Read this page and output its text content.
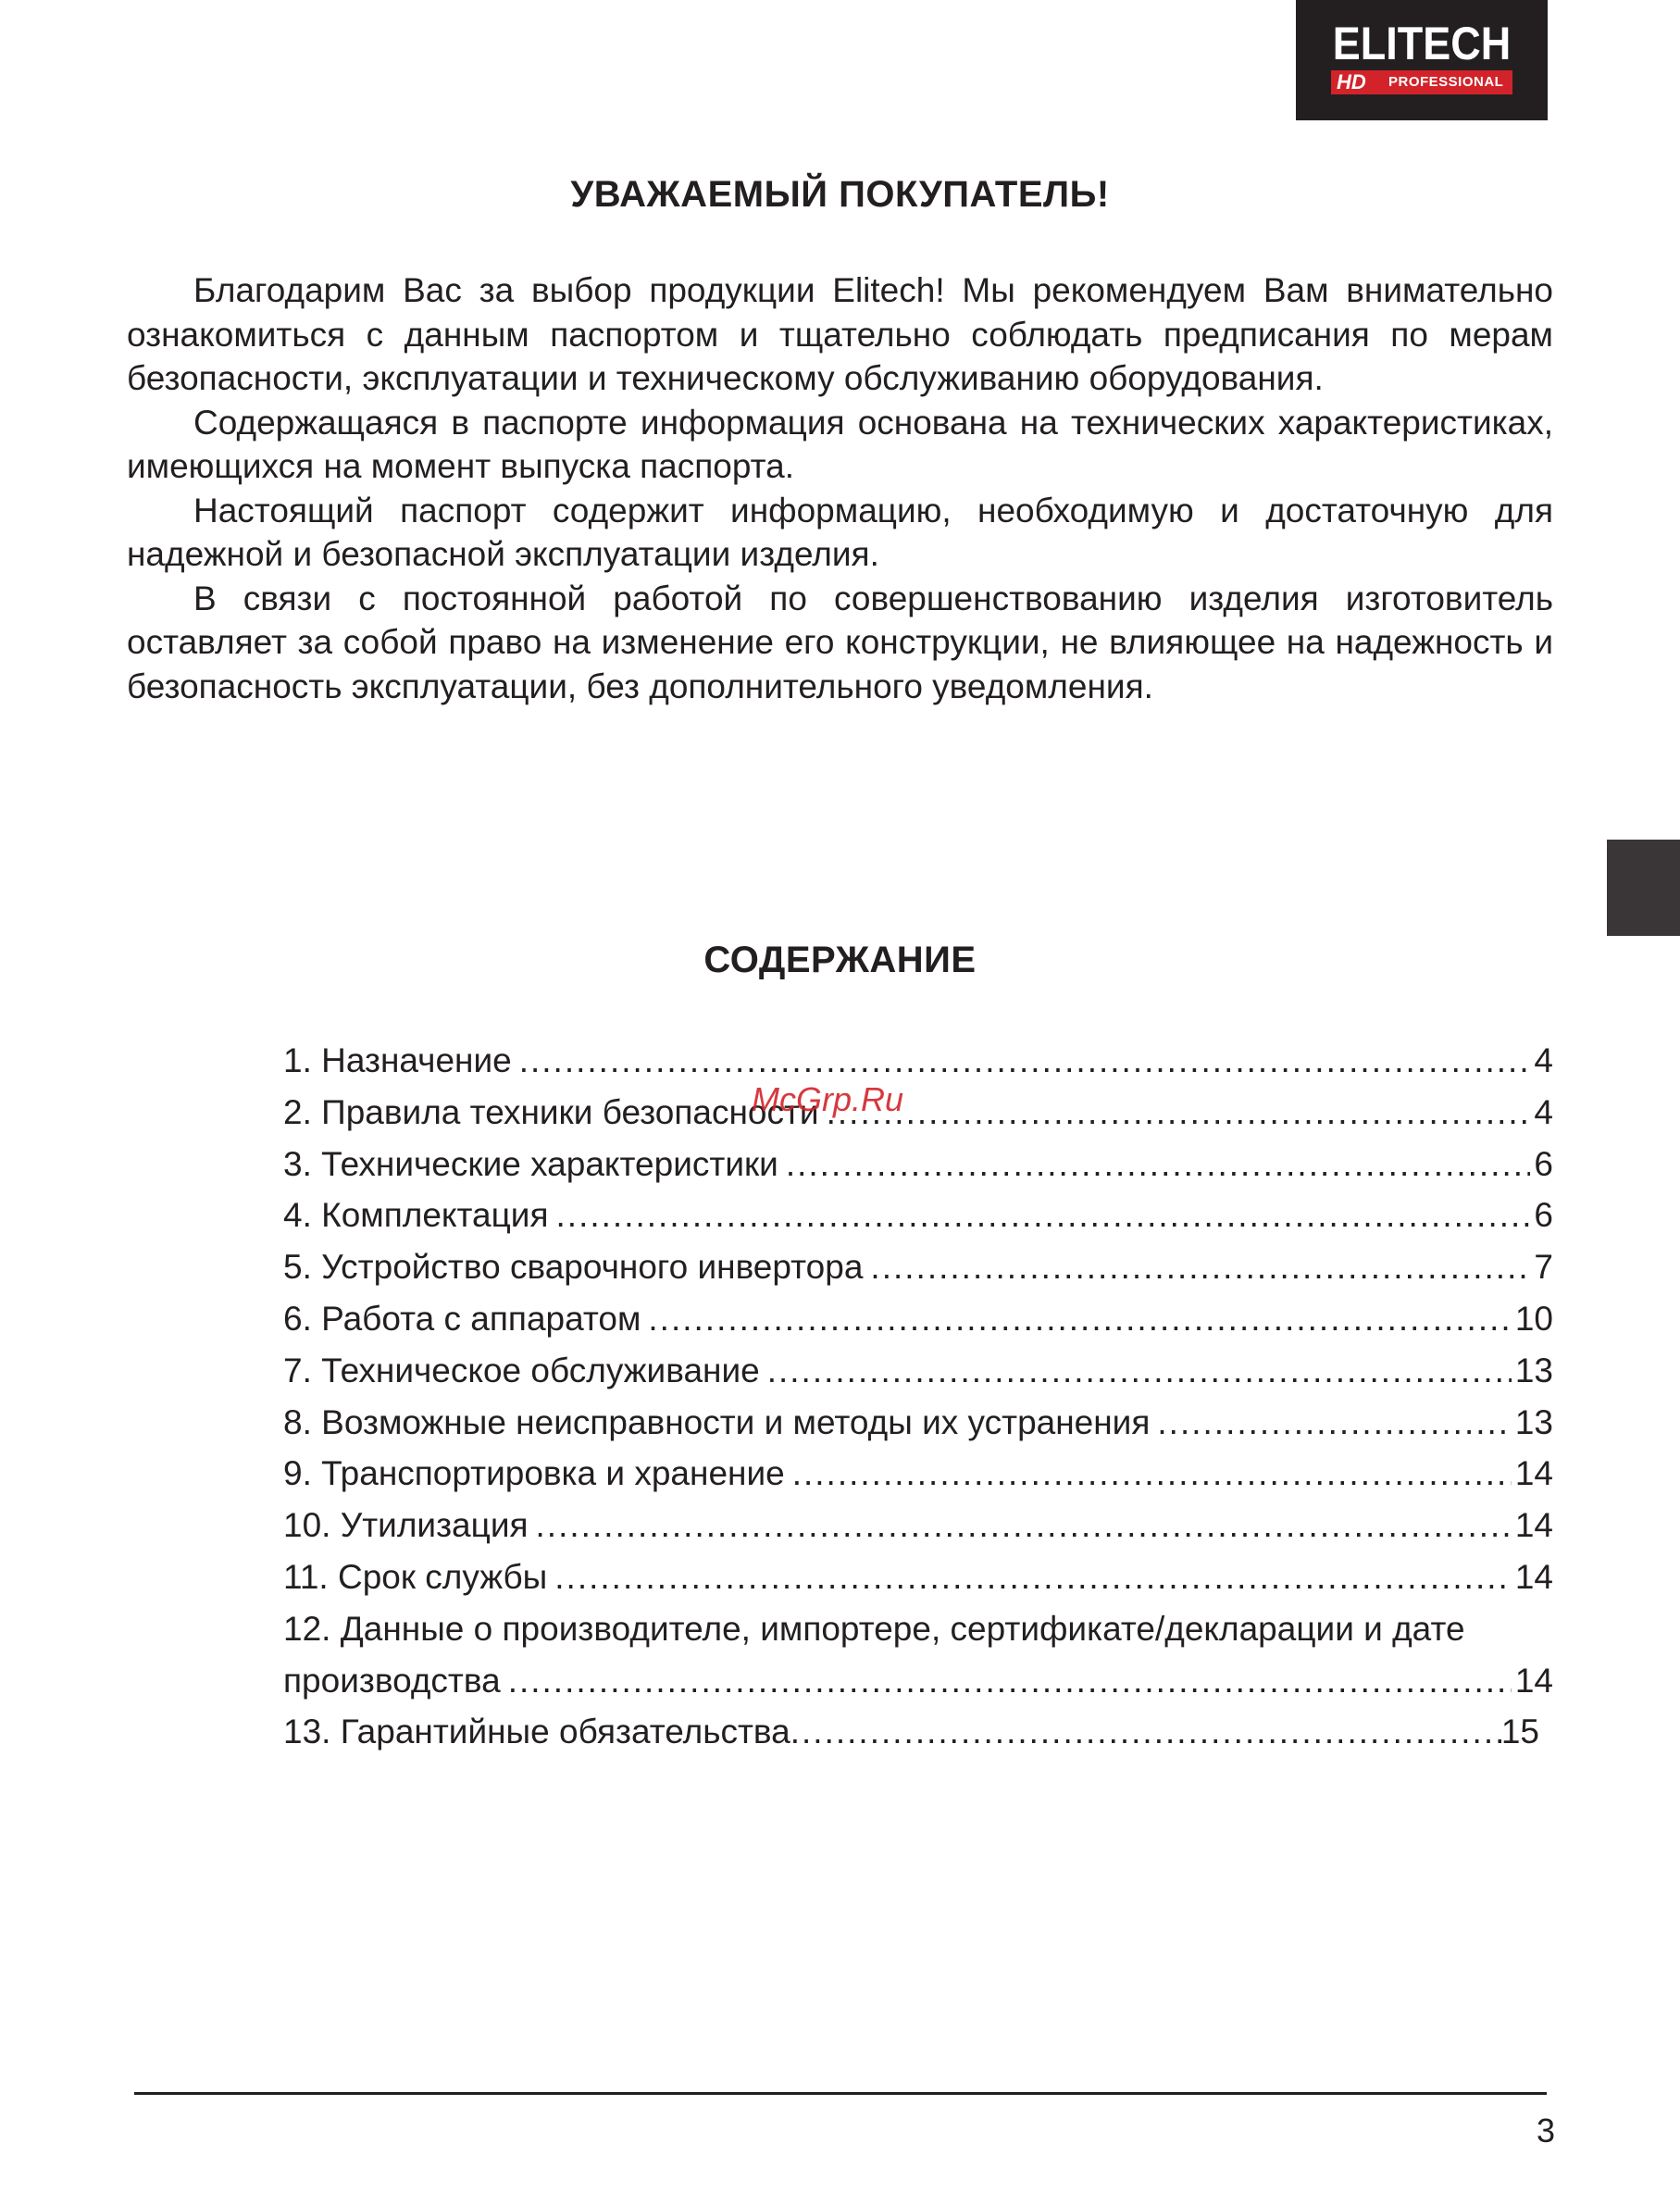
ELITECH
HD PROFESSIONAL
УВАЖАЕМЫЙ ПОКУПАТЕЛЬ!

Благодарим Вас за выбор продукции Elitech! Мы рекомендуем Вам внимательно ознакомиться с данным паспортом и тщательно соблюдать предписания по мерам безопасности, эксплуатации и техническому обслуживанию оборудования.

Содержащаяся в паспорте информация основана на технических характеристиках, имеющихся на момент выпуска паспорта.

Настоящий паспорт содержит информацию, необходимую и достаточную для надежной и безопасной эксплуатации изделия.

В связи с постоянной работой по совершенствованию изделия изготовитель оставляет за собой право на изменение его конструкции, не влияющее на надежность и безопасность эксплуатации, без дополнительного уведомления.

СОДЕРЖАНИЕ
1. Назначение .....	4
2. Правила техники безопасности .....	4
3. Технические характеристики .....	6
4. Комплектация .....	6
5. Устройство сварочного инвертора .....	7
6. Работа с аппаратом .....	10
7. Техническое обслуживание .....	13
8. Возможные неисправности и методы их устранения .....	13
9. Транспортировка и хранение .....	14
10. Утилизация .....	14
11. Срок службы .....	14
12. Данные о производителе, импортере, сертификате/декларации и дате
производства .....	14
13. Гарантийные обязательства .....	15
McGrp.Ru
3
